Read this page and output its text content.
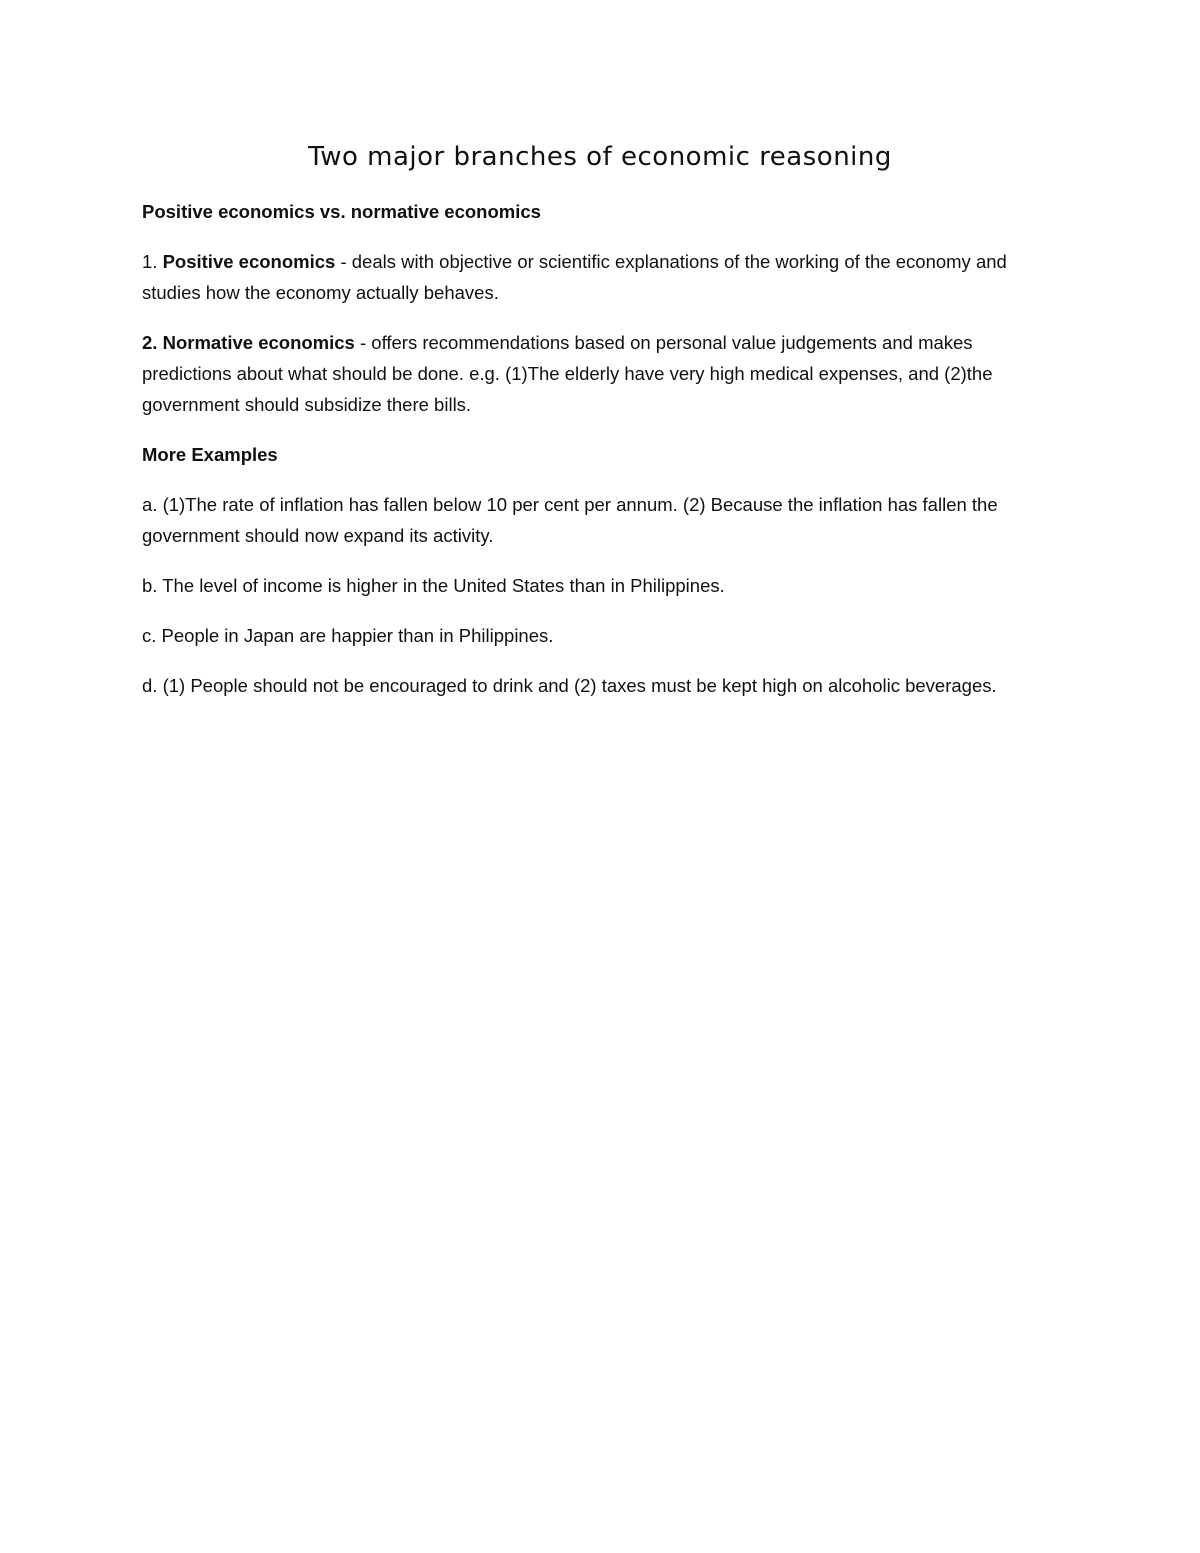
Two major branches of economic reasoning

Positive economics vs. normative economics

1. Positive economics - deals with objective or scientific explanations of the working of the economy and studies how the economy actually behaves.

2. Normative economics - offers recommendations based on personal value judgements and makes predictions about what should be done. e.g. (1)The elderly have very high medical expenses, and (2)the government should subsidize there bills.

More Examples

a. (1)The rate of inflation has fallen below 10 per cent per annum. (2) Because the inflation has fallen the government should now expand its activity.

b. The level of income is higher in the United States than in Philippines.

c. People in Japan are happier than in Philippines.

d. (1) People should not be encouraged to drink and (2) taxes must be kept high on alcoholic beverages.
